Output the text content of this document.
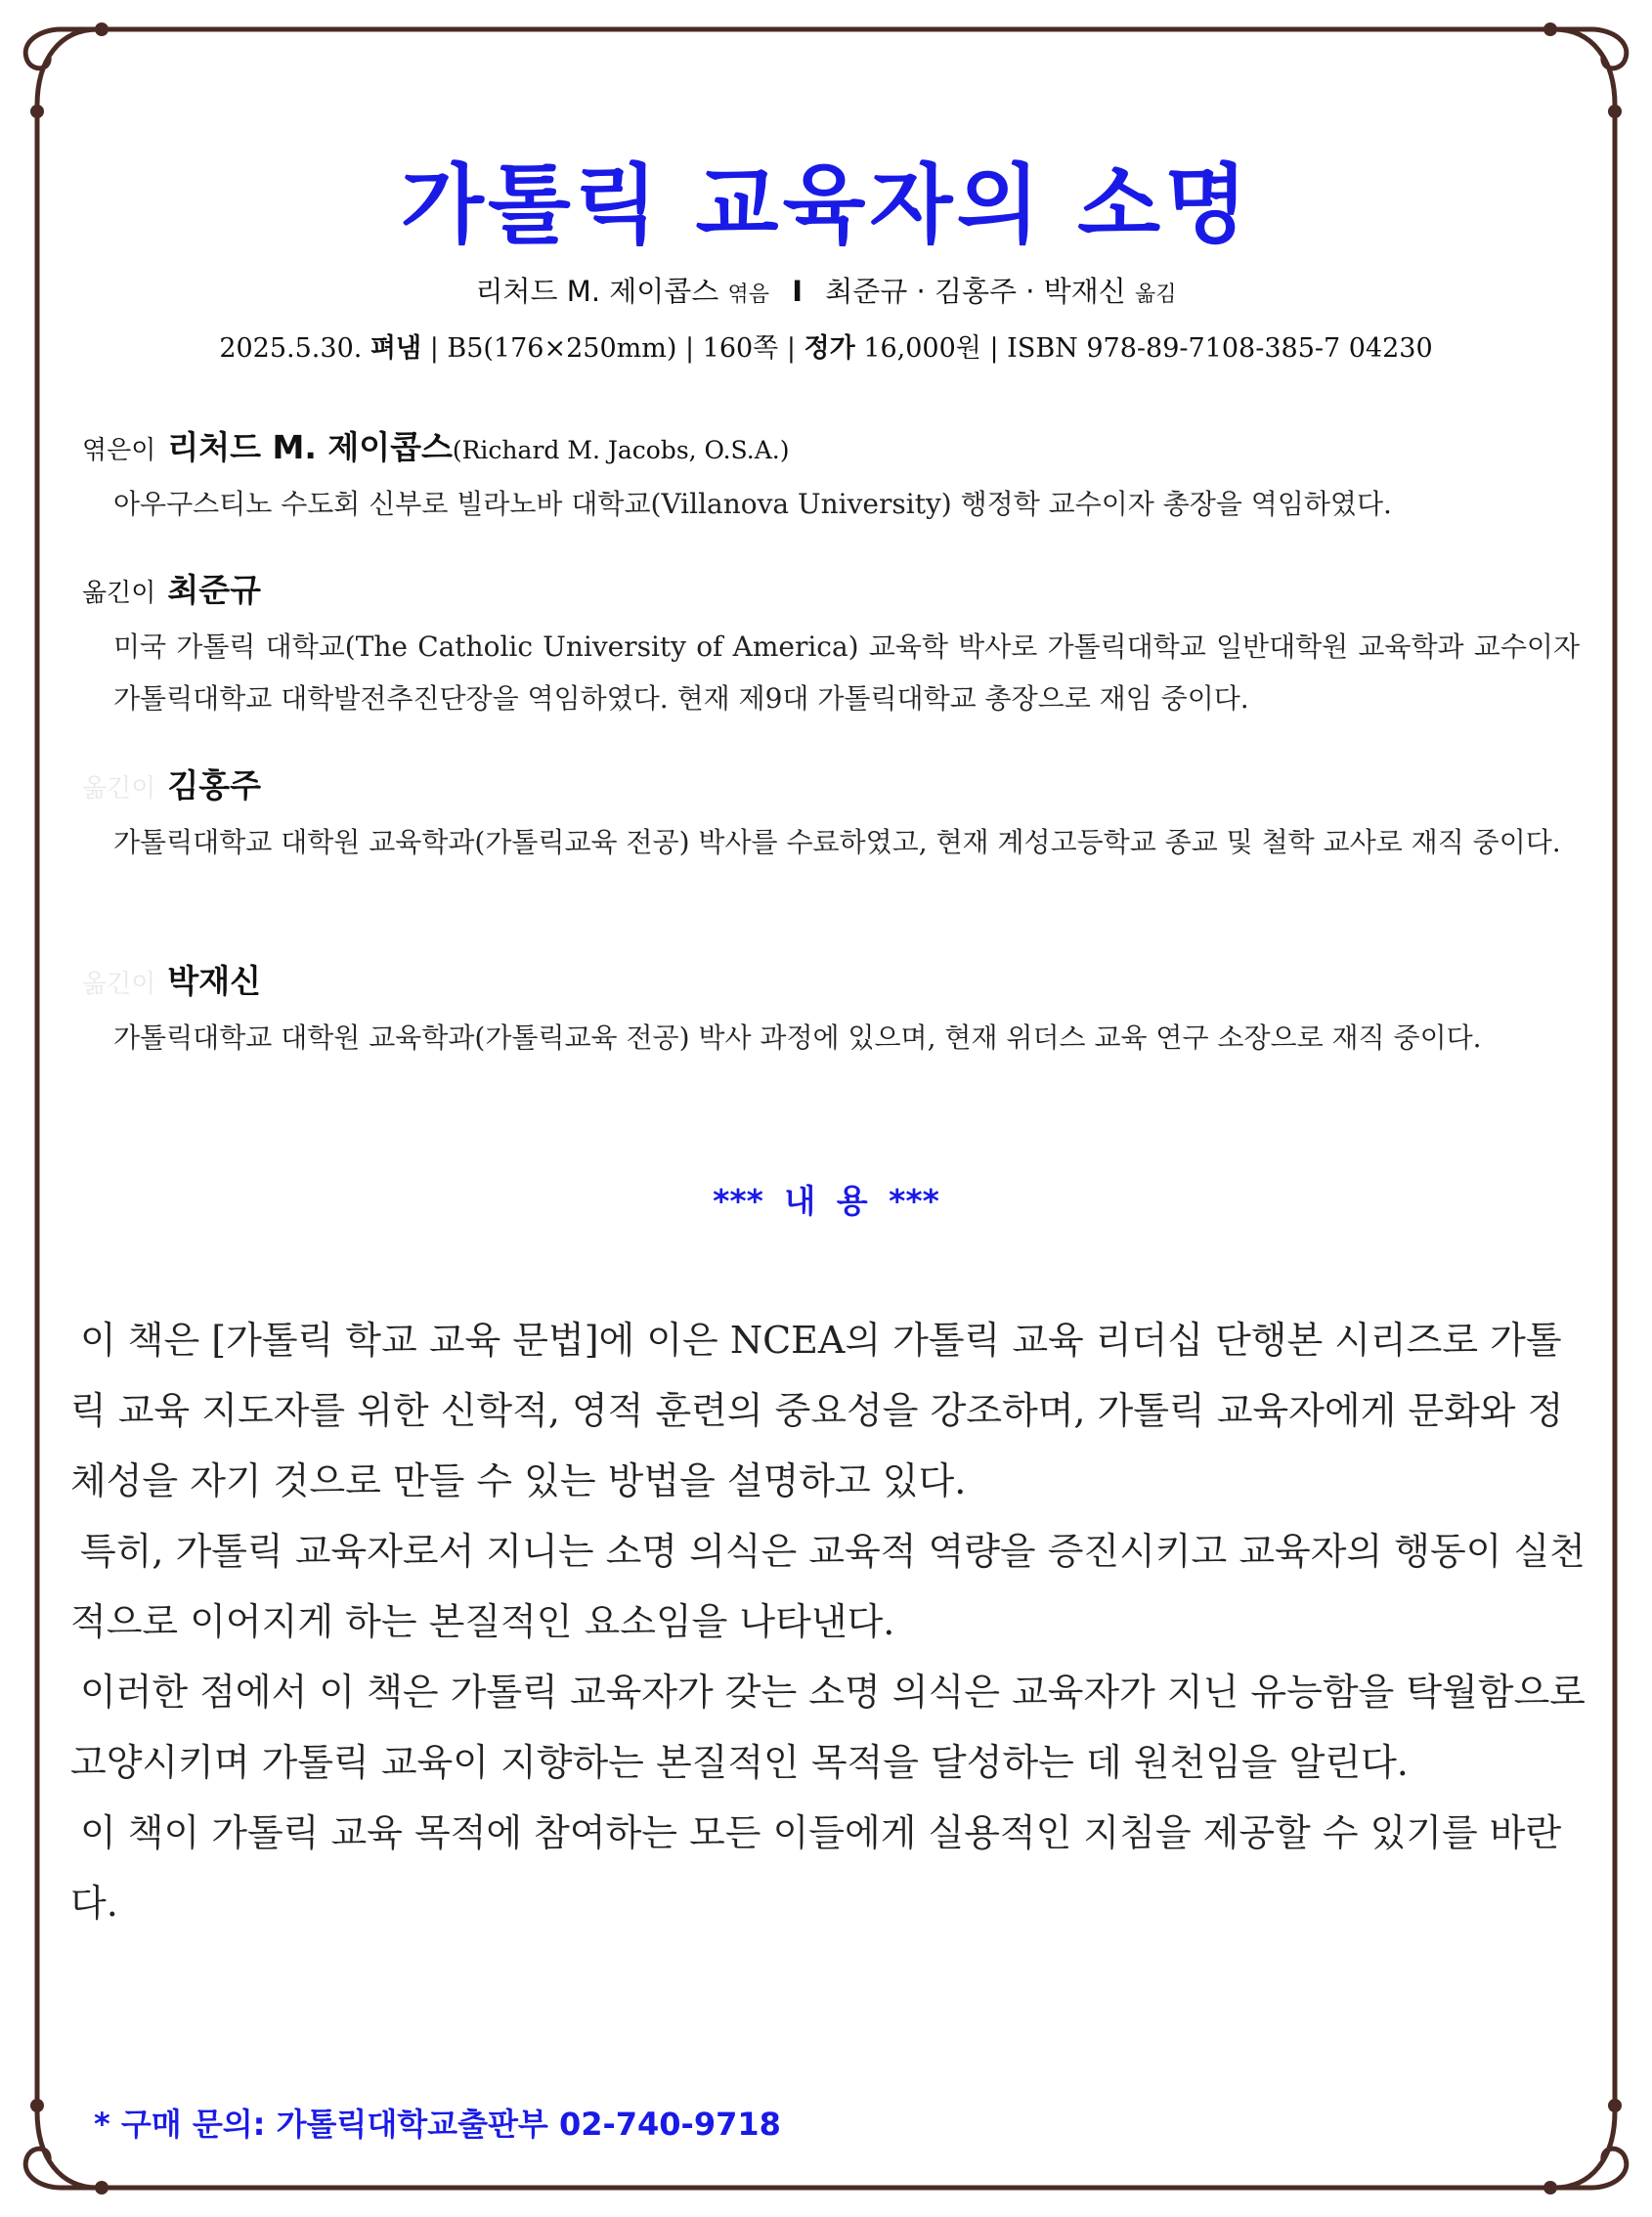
가톨릭 교육자의 소명
리처드 M. 제이콥스 엮음 I 최준규 · 김홍주 · 박재신 옮김
2025.5.30. 펴냄 | B5(176×250mm) | 160쪽 | 정가 16,000원 | ISBN 978-89-7108-385-7 04230
엮은이 리처드 M. 제이콥스(Richard M. Jacobs, O.S.A.)
아우구스티노 수도회 신부로 빌라노바 대학교(Villanova University) 행정학 교수이자 총장을 역임하였다.
옮긴이 최준규
미국 가톨릭 대학교(The Catholic University of America) 교육학 박사로 가톨릭대학교 일반대학원 교육학과 교수이자 가톨릭대학교 대학발전추진단장을 역임하였다. 현재 제9대 가톨릭대학교 총장으로 재임 중이다.
옮긴이 김홍주
가톨릭대학교 대학원 교육학과(가톨릭교육 전공) 박사를 수료하였고, 현재 계성고등학교 종교 및 철학 교사로 재직 중이다.
옮긴이 박재신
가톨릭대학교 대학원 교육학과(가톨릭교육 전공) 박사 과정에 있으며, 현재 위더스 교육 연구 소장으로 재직 중이다.
*** 내 용 ***

이 책은 [가톨릭 학교 교육 문법]에 이은 NCEA의 가톨릭 교육 리더십 단행본 시리즈로 가톨릭 교육 지도자를 위한 신학적, 영적 훈련의 중요성을 강조하며, 가톨릭 교육자에게 문화와 정체성을 자기 것으로 만들 수 있는 방법을 설명하고 있다.

특히, 가톨릭 교육자로서 지니는 소명 의식은 교육적 역량을 증진시키고 교육자의 행동이 실천적으로 이어지게 하는 본질적인 요소임을 나타낸다.

이러한 점에서 이 책은 가톨릭 교육자가 갖는 소명 의식은 교육자가 지닌 유능함을 탁월함으로 고양시키며 가톨릭 교육이 지향하는 본질적인 목적을 달성하는 데 원천임을 알린다.

이 책이 가톨릭 교육 목적에 참여하는 모든 이들에게 실용적인 지침을 제공할 수 있기를 바란다.

* 구매 문의: 가톨릭대학교출판부 02-740-9718
